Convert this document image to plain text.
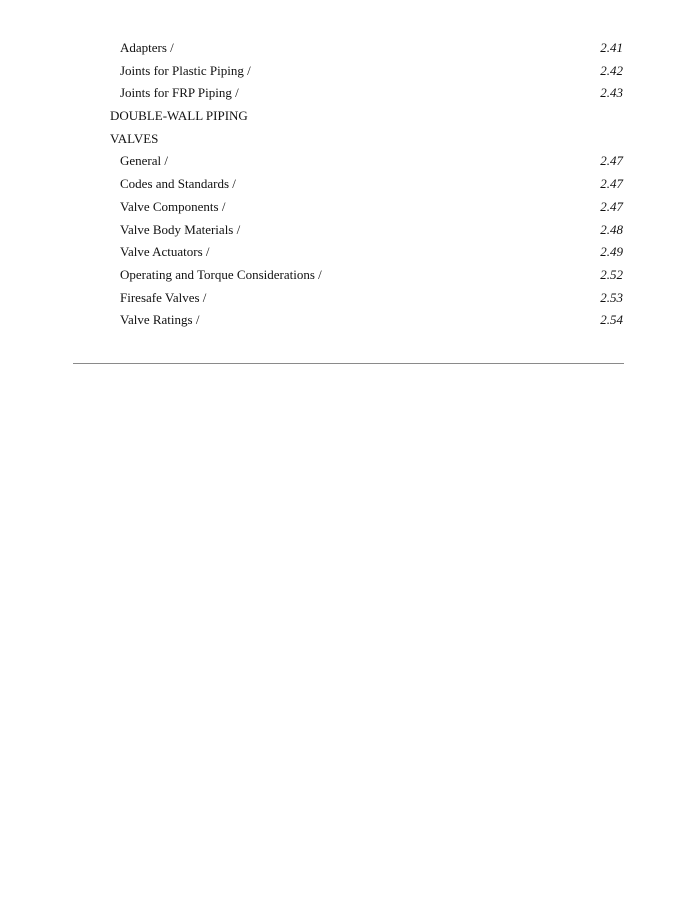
Adapters /	2.41
Joints for Plastic Piping /	2.42
Joints for FRP Piping /	2.43
DOUBLE-WALL PIPING
VALVES
General /	2.47
Codes and Standards /	2.47
Valve Components /	2.47
Valve Body Materials /	2.48
Valve Actuators /	2.49
Operating and Torque Considerations /	2.52
Firesafe Valves /	2.53
Valve Ratings /	2.54
